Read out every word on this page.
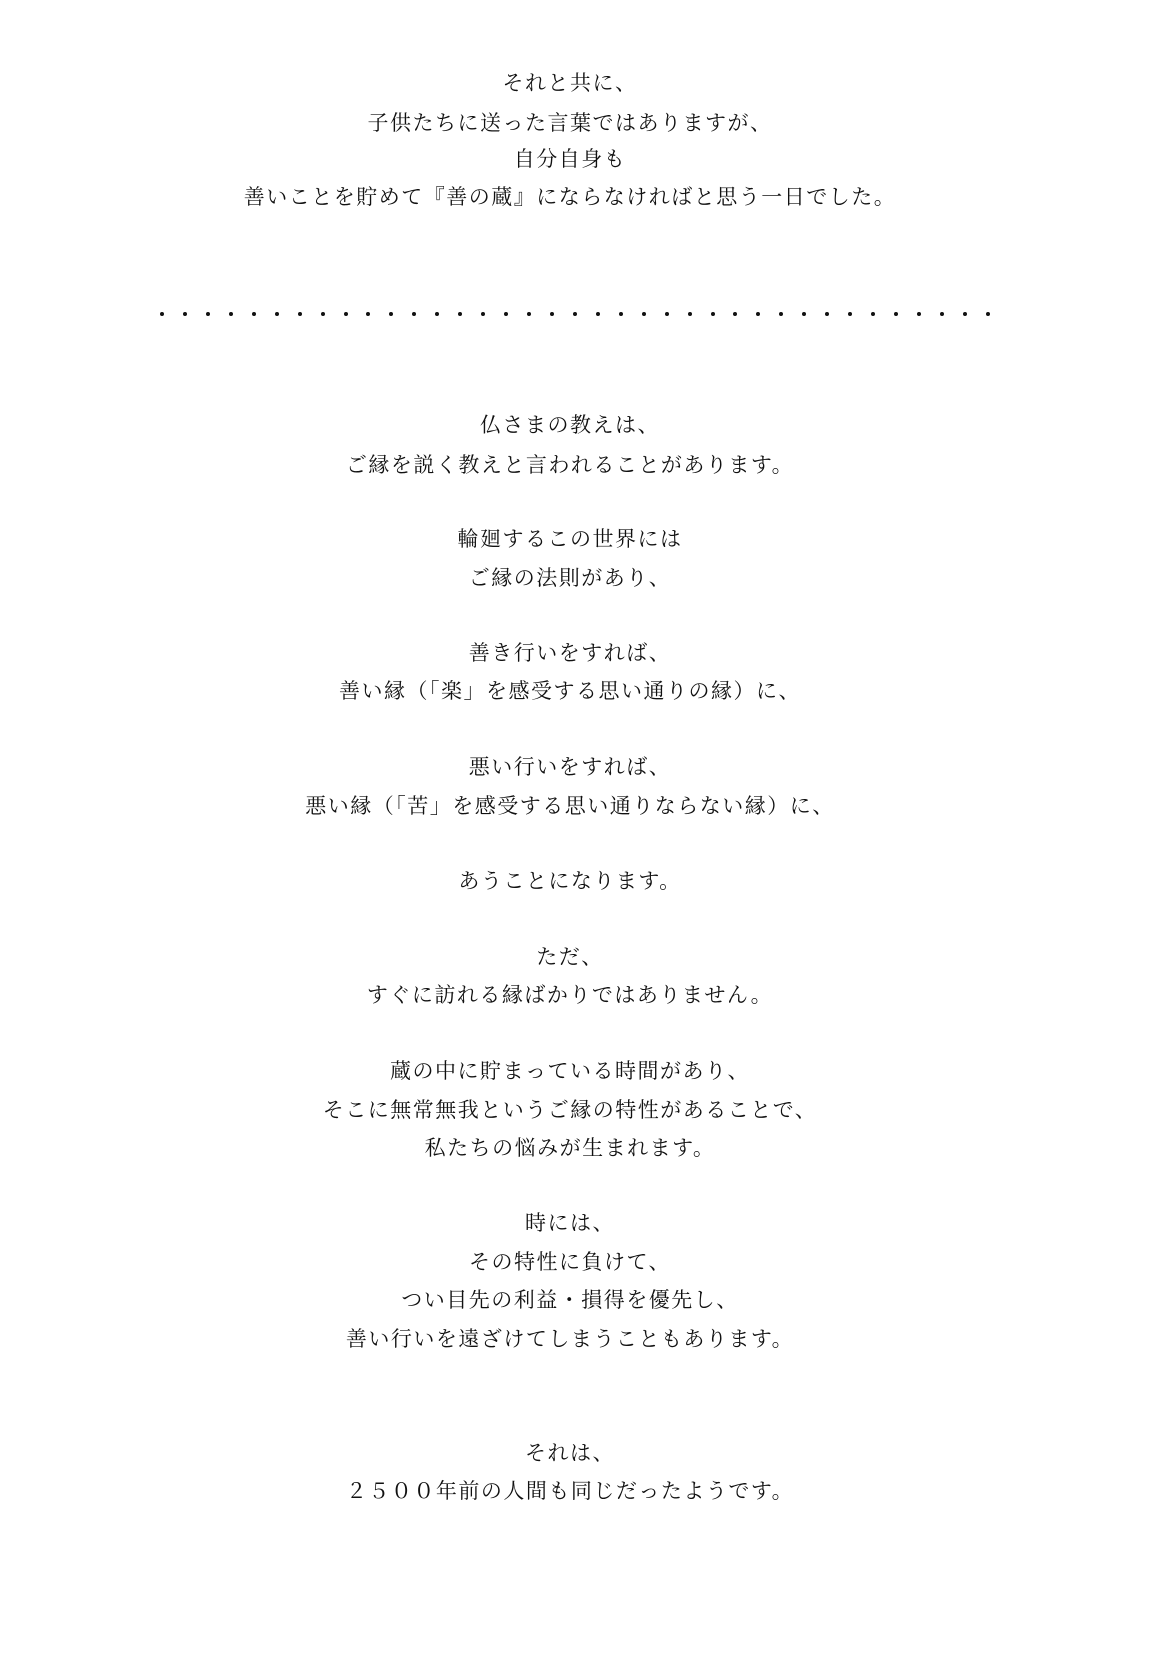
それと共に、
子供たちに送った言葉ではありますが、
自分自身も
善いことを貯めて『善の蔵』にならなければと思う一日でした。
仏さまの教えは、
ご縁を説く教えと言われることがあります。
輪廻するこの世界には
ご縁の法則があり、
善き行いをすれば、
善い縁（「楽」を感受する思い通りの縁）に、
悪い行いをすれば、
悪い縁（「苦」を感受する思い通りならない縁）に、
あうことになります。
ただ、
すぐに訪れる縁ばかりではありません。
蔵の中に貯まっている時間があり、
そこに無常無我というご縁の特性があることで、
私たちの悩みが生まれます。
時には、
その特性に負けて、
つい目先の利益・損得を優先し、
善い行いを遠ざけてしまうこともあります。
それは、
２５００年前の人間も同じだったようです。
